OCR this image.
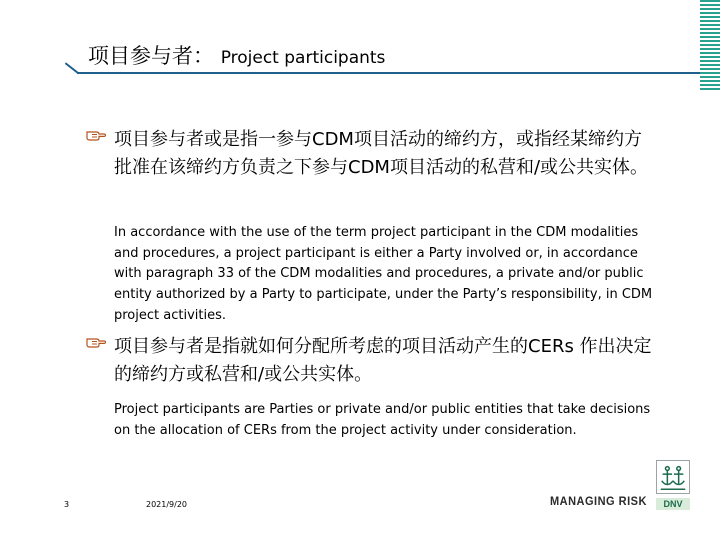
项目参与者： Project participants
项目参与者或是指一参与CDM项目活动的缔约方，或指经某缔约方批准在该缔约方负责之下参与CDM项目活动的私营和/或公共实体。

In accordance with the use of the term project participant in the CDM modalities and procedures, a project participant is either a Party involved or, in accordance with paragraph 33 of the CDM modalities and procedures, a private and/or public entity authorized by a Party to participate, under the Party’s responsibility, in CDM project activities.

项目参与者是指就如何分配所考虑的项目活动产生的CERs 作出决定的缔约方或私营和/或公共实体。

Project participants are Parties or private and/or public entities that take decisions on the allocation of CERs from the project activity under consideration.

3	2021/9/20	MANAGING RISK	DNV
